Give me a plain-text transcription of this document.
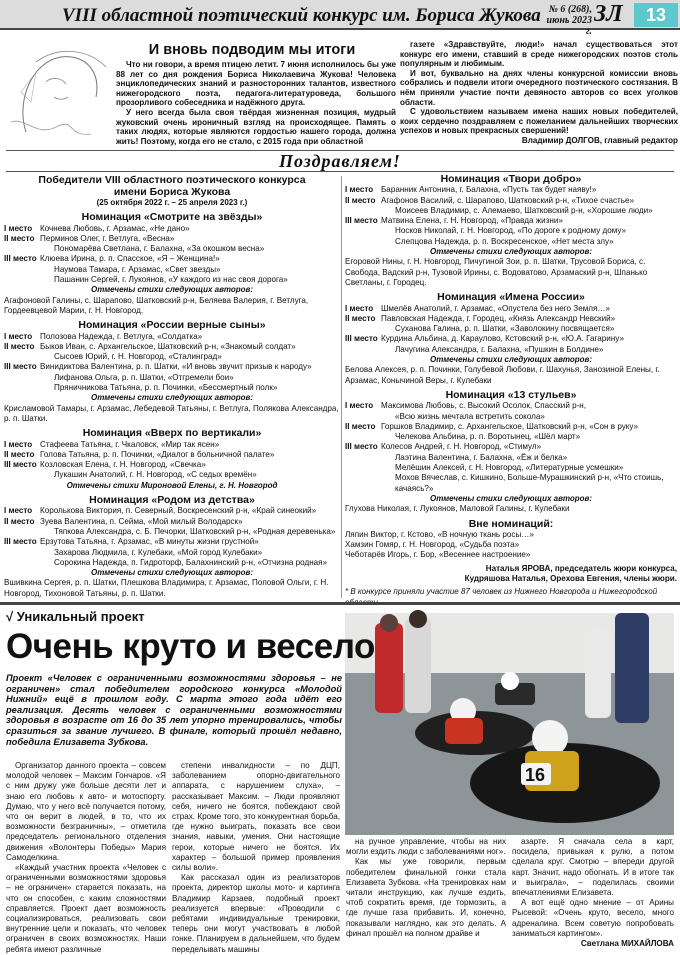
VIII областной поэтический конкурс им. Бориса Жукова № 6 (268),
июнь 2023 г.
ЗЛ	13
И вновь подводим мы итоги

Что ни говори, а время птицею летит. 7 июня исполнилось бы уже 88 лет со дня рождения Бориса Николаевича Жукова! Человека энциклопедических знаний и разносторонних талантов, известного нижегородского поэта, педагога-литературоведа, большого прозорливого собеседника и надёжного друга.

У него всегда была своя твёрдая жизненная позиция, мудрый жуковский очень ироничный взгляд на происходящее. Память о таких людях, которые являются гордостью нашего города, должна жить! Поэтому, когда его не стало, с 2015 года при областной

газете «Здравствуйте, люди!» начал существоваться этот конкурс его имени, ставший в среде нижегородских поэтов столь популярным и любимым.

И вот, буквально на днях члены конкурсной комиссии вновь собрались и подвели итоги очередного поэтического состязания. В нём приняли участие почти девяносто авторов со всех уголков области.

С удовольствием называем имена наших новых победителей, коих сердечно поздравляем с пожеланием дальнейших творческих успехов и новых прекрасных свершений!

Владимир ДОЛГОВ, главный редактор
Поздравляем!
Победители VIII областного поэтического конкурса
имени Бориса Жукова
(25 октября 2022 г. – 25 апреля 2023 г.)
Номинация «Смотрите на звёзды»
I место Кочнева Любовь, г. Арзамас, «Не дано»
II место Перминов Олег, г. Ветлуга, «Весна»
Пономарёва Светлана, г. Балахна, «За окошком весна»
III место Клюева Ирина, р. п. Спасское, «Я – Женщина!»
Наумова Тамара, г. Арзамас, «Свет звезды»
Пашанин Сергей, г. Лукоянов, «У каждого из нас своя дорога»
Отмечены стихи следующих авторов:
Агафоновой Галины, с. Шарапово, Шатковский р-н, Беляева Валерия, г. Ветлуга, Гордеевцевой Марии, г. Н. Новгород.
Номинация «России верные сыны»
I место Полозова Надежда, г. Ветлуга, «Солдатка»
II место Быков Иван, с. Архангельское, Шатковский р-н, «Знакомый солдат»
Сысоев Юрий, г. Н. Новгород, «Сталинград»
III место Винидиктова Валентина, р. п. Шатки, «И вновь звучит призыв к народу»
Лифанова Ольга, р. п. Шатки, «Отгремели бои»
Пряничникова Татьяна, р. п. Починки, «Бессмертный полк»
Отмечены стихи следующих авторов:
Крисламовой Тамары, г. Арзамас, Лебедевой Татьяны, г. Ветлуга, Полякова Александра, р. п. Шатки.
Номинация «Вверх по вертикали»
I место Стафеева Татьяна, г. Чкаловск, «Мир так ясен»
II место Голова Татьяна, р. п. Починки, «Диалог в больничной палате»
III место Козловская Елена, г. Н. Новгород, «Свечка»
Лукашин Анатолий, г. Н. Новгород, «С седых времён»
Отмечены стихи Мироновой Елены, г. Н. Новгород
Номинация «Родом из детства»
I место Корольковa Виктория, п. Северный, Воскресенский р-н, «Край синеокий»
II место Зуева Валентина, п. Сейма, «Мой милый Володарск»
Тяпкова Александра, с. Б. Печорки, Шатковский р-н, «Родная деревенька»
III место Ерзутова Татьяна, г. Арзамас, «В минуты жизни грустной»
Захарова Людмила, г. Кулебаки, «Мой город Кулебаки»
Сорокина Надежда, п. Гидроторф, Балахнинский р-н, «Отчизна родная»
Отмечены стихи следующих авторов:
Вшивкина Сергея, р. п. Шатки, Плешкова Владимира, г. Арзамас, Поповой Ольги, г. Н. Новгород, Тихоновой Татьяны, р. п. Шатки.
Номинация «Твори добро»
I место Баранник Антонина, г. Балахна, «Пусть так будет наяву!»
II место Агафонов Василий, с. Шарапово, Шатковский р-н, «Тихое счастье»
Моисеев Владимир, с. Алемаево, Шатковский р-н, «Хорошие люди»
III место Матвина Елена, г. Н. Новгород, «Правда жизни»
Носков Николай, г. Н. Новгород, «По дороге к родному дому»
Слепцова Надежда, р. п. Воскресенское, «Нет места злу»
Отмечены стихи следующих авторов:
Егоровой Нины, г. Н. Новгород, Пичугиной Зои, р. п. Шатки, Трусовой Бориса, с. Свобода, Вадский р-н, Тузовой Ирины, с. Водоватово, Арзамаский р-н, Шпанько Светланы, г. Городец.
Номинация «Имена России»
I место Шмелёв Анатолий, г. Арзамас, «Опустела без него Земля…»
II место Павловская Надежда, г. Городец, «Князь Александр Невский»
Суханова Галина, р. п. Шатки, «Заволокину посвящается»
III место Курдина Альбина, д. Караулово, Кстовский р-н, «Ю.А. Гагарину»
Лачугина Александра, г. Балахна, «Пушкин в Болдине»
Отмечены стихи следующих авторов:
Белова Алексея, р. п. Починки, Голубевой Любови, г. Шахунья, Занозиной Елены, г. Арзамас, Конычиной Веры, г. Кулебаки
Номинация «13 стульев»
I место Максимова Любовь, с. Высокий Осолок, Спасский р-н,
«Всю жизнь мечтала встретить сокола»
II место Горшков Владимир, с. Архангельское, Шатковский р-н, «Сон в руку»
Челекова Альбина, р. п. Воротынец, «Шёл март»
III место Колесов Андрей, г. Н. Новгород, «Стимул»
Лаэтина Валентина, г. Балахна, «Ёж и белка»
Мелёшин Алексей, г. Н. Новгород, «Литературные усмешки»
Мохов Вячеслав, с. Кишкино, Больше-Мурашкинский р-н, «Что стоишь, качаясь?»
Отмечены стихи следующих авторов:
Глухова Николая, г. Лукоянов, Маловой Галины, г. Кулебаки
Вне номинаций:
Ляпин Виктор, г. Кстово, «В ночную ткань росы…»
Хамзин Гомяр, г. Н. Новгород, «Судьба поэта»
Чеботарёв Игорь, г. Бор, «Весеннее настроение»
Наталья ЯРОВА, председатель жюри конкурса,
Кудряшова Наталья, Орехова Евгения, члены жюри.
* В конкурсе приняли участие 87 человек из Нижнего Новгорода и Нижегородской области.
√ Уникальный проект
Очень круто и весело
16
Проект «Человек с ограниченными возможностями здоровья – не ограничен» стал победителем городского конкурса «Молодой Нижний» ещё в прошлом году. С марта этого года идёт его реализация. Десять человек с ограниченными возможностями здоровья в возрасте от 16 до 35 лет упорно тренировались, чтобы сразиться за звание лучшего. В финале, который прошёл недавно, победила Елизавета Зубкова.

Организатор данного проекта – совсем молодой человек – Максим Гончаров. «Я с ним дружу уже больше десяти лет и знаю его любовь к авто- и мотоспорту. Думаю, что у него всё получается потому, что он верит в людей, в то, что их возможности безграничны», – отметила председатель регионального отделения движения «Волонтеры Победы» Мария Самоделкина.

«Каждый участник проекта «Человек с ограниченными возможностями здоровья – не ограничен» старается показать, на что он способен, с каким сложностями справляется. Проект дает возможность социализироваться, реализовать свои внутренние цели и показать, что человек ограничен в своих возможностях. Наши ребята имеют различные

степени инвалидности – по ДЦП, заболеванием опорно-двигательного аппарата, с нарушением слуха», – рассказывает Максим. – Люди проявляют себя, ничего не боятся, побеждают свой страх. Кроме того, это конкурентная борьба, где нужно выиграть, показать все свои знания, навыки, умения. Они настоящие герои, которые ничего не боятся. Их характер – большой пример проявления силы воли».

Как рассказал один из реализаторов проекта, директор школы мото- и картинга Владимир Карзаев, подобный проект реализуется впервые: «Проводили с ребятами индивидуальные тренировки, теперь они могут участвовать в любой гонке. Планируем в дальнейшем, что будем переделывать машины

на ручное управление, чтобы на них могли ездить люди с заболеваниями ног».

Как мы уже говорили, первым победителем финальной гонки стала Елизавета Зубкова. «На тренировках нам читали инструкцию, как лучше ездить, чтоб сократить время, где тормозить, а где лучше газа прибавить. И, конечно, показывали наглядно, как это делать. А финал прошёл на полном драйве и

азарте. Я сначала села в карт, посидела, привыкая к рулю, а потом сделала круг. Смотрю – впереди другой карт. Значит, надо обогнать. И в итоге так и выиграла», – поделилась своими впечатлениями Елизавета.

А вот ещё одно мнение – от Арины Рысевой: «Очень круто, весело, много адреналина. Всем советую попробовать заниматься картингом».

Светлана МИХАЙЛОВА
